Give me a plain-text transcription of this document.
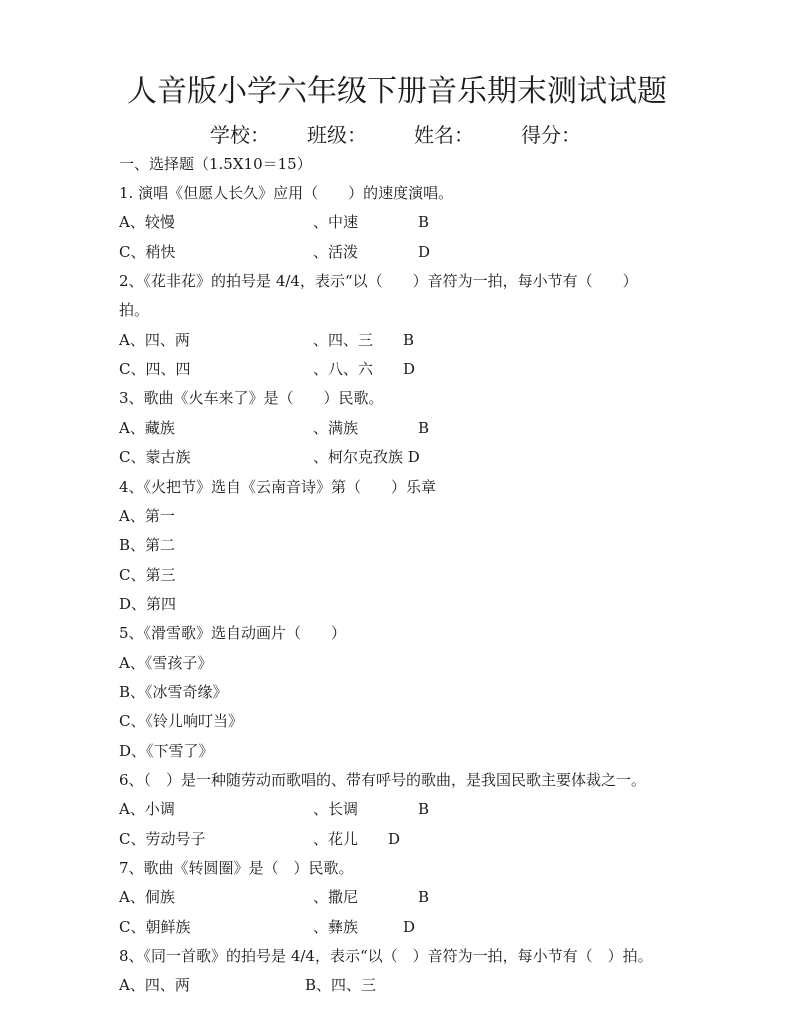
人音版小学六年级下册音乐期末测试试题
学校： 班级： 姓名： 得分：
一、选择题（1.5X10＝15）
1. 演唱《但愿人长久》应用（　　）的速度演唱。
A、较慢	、中速　　　　B
C、稍快	、活泼　　　　D
2、《花非花》的拍号是 4/4，表示“以（　　）音符为一拍，每小节有（　　）
拍。
A、四、两	、四、三　　B
C、四、四	、八、六　　D
3、歌曲《火车来了》是（　　）民歌。
A、藏族	、满族　　　　B
C、蒙古族	、柯尔克孜族 D
4、《火把节》选自《云南音诗》第（　　）乐章
A、第一
B、第二
C、第三
D、第四
5、《滑雪歌》选自动画片（　　）
A、《雪孩子》
B、《冰雪奇缘》
C、《铃儿响叮当》
D、《下雪了》
6、（　）是一种随劳动而歌唱的、带有呼号的歌曲，是我国民歌主要体裁之一。
A、小调	、长调　　　　B
C、劳动号子	、花儿　　D
7、歌曲《转圆圈》是（　）民歌。
A、侗族	、撒尼　　　　B
C、朝鲜族	、彝族　　　D
8、《同一首歌》的拍号是 4/4，表示“以（　）音符为一拍，每小节有（　）拍。
A、四、两	B、四、三
